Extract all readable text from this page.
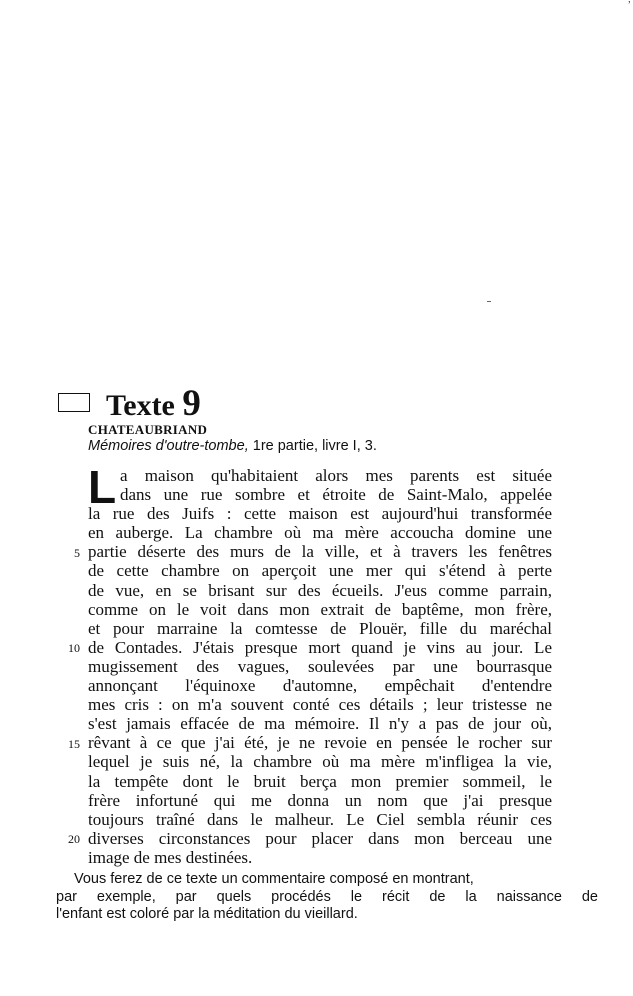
ʼ
Texte 9
CHATEAUBRIAND
Mémoires d'outre-tombe, 1re partie, livre I, 3.
L a maison qu'habitaient alors mes parents est située
dans une rue sombre et étroite de Saint-Malo, appelée
la rue des Juifs : cette maison est aujourd'hui transformée
en auberge. La chambre où ma mère accoucha domine une
partie déserte des murs de la ville, et à travers les fenêtres
de cette chambre on aperçoit une mer qui s'étend à perte
de vue, en se brisant sur des écueils. J'eus comme parrain,
comme on le voit dans mon extrait de baptême, mon frère,
et pour marraine la comtesse de Plouër, fille du maréchal
de Contades. J'étais presque mort quand je vins au jour. Le
mugissement des vagues, soulevées par une bourrasque
annonçant l'équinoxe d'automne, empêchait d'entendre
mes cris : on m'a souvent conté ces détails ; leur tristesse ne
s'est jamais effacée de ma mémoire. Il n'y a pas de jour où,
rêvant à ce que j'ai été, je ne revoie en pensée le rocher sur
lequel je suis né, la chambre où ma mère m'infligea la vie,
la tempête dont le bruit berça mon premier sommeil, le
frère infortuné qui me donna un nom que j'ai presque
toujours traîné dans le malheur. Le Ciel sembla réunir ces
diverses circonstances pour placer dans mon berceau une
image de mes destinées.
5
10
15
20
Vous ferez de ce texte un commentaire composé en montrant,
par exemple, par quels procédés le récit de la naissance de
l'enfant est coloré par la méditation du vieillard.
